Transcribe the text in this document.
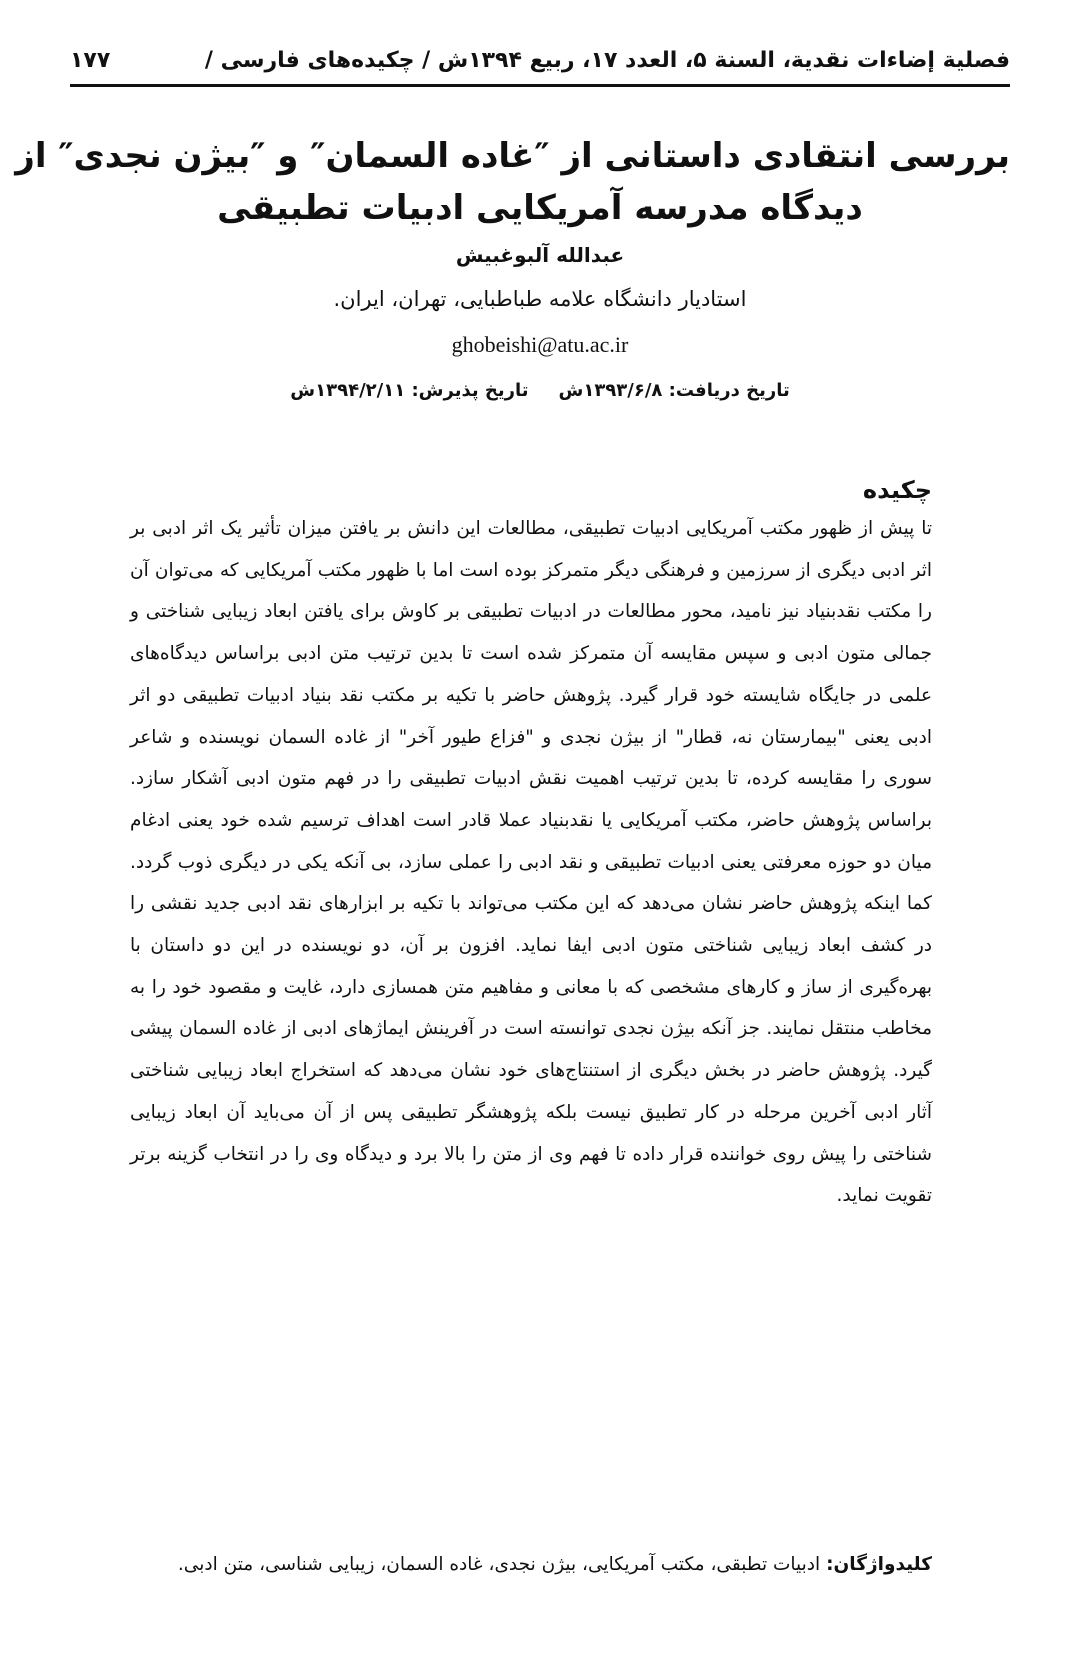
فصلية إضاءات نقدية، السنة ۵، العدد ۱۷، ربيع ۱۳۹۴ش / چكيده‌های فارسی /
۱۷۷
بررسی انتقادی داستانی از ″غاده السمان″ و ″بیژن نجدی″ از
دیدگاه مدرسه آمریکایی ادبیات تطبیقی
عبدالله آلبوغبیش
استادیار دانشگاه علامه طباطبایی، تهران، ایران.
ghobeishi@atu.ac.ir
تاریخ دریافت: ۱۳۹۳/۶/۸شتاریخ پذیرش: ۱۳۹۴/۲/۱۱ش
چکیده
تا پیش از ظهور مکتب آمریکایی ادبیات تطبیقی، مطالعات این دانش بر یافتن میزان تأثیر یک اثر ادبی بر اثر ادبی دیگری از سرزمین و فرهنگی دیگر متمرکز بوده است اما با ظهور مکتب آمریکایی که می‌توان آن را مکتب نقدبنیاد نیز نامید، محور مطالعات در ادبیات تطبیقی بر کاوش برای یافتن ابعاد زیبایی شناختی و جمالی متون ادبی و سپس مقایسه آن متمرکز شده است تا بدین ترتیب متن ادبی براساس دیدگاه‌های علمی در جایگاه شایسته خود قرار گیرد. پژوهش حاضر با تکیه بر مکتب نقد بنیاد ادبیات تطبیقی دو اثر ادبی یعنی "بیمارستان نه، قطار" از بیژن نجدی و "فزاع طیور آخر" از غاده السمان نویسنده و شاعر سوری را مقایسه کرده، تا بدین ترتیب اهمیت نقش ادبیات تطبیقی را در فهم متون ادبی آشکار سازد. براساس پژوهش حاضر، مکتب آمریکایی یا نقدبنیاد عملا قادر است اهداف ترسیم شده خود یعنی ادغام میان دو حوزه معرفتی یعنی ادبیات تطبیقی و نقد ادبی را عملی سازد، بی آنکه یکی در دیگری ذوب گردد. کما اینکه پژوهش حاضر نشان می‌دهد که این مکتب می‌تواند با تکیه بر ابزارهای نقد ادبی جدید نقشی را در کشف ابعاد زیبایی شناختی متون ادبی ایفا نماید. افزون بر آن، دو نویسنده در این دو داستان با بهره‌گیری از ساز و کارهای مشخصی که با معانی و مفاهیم متن همسازی دارد، غایت و مقصود خود را به مخاطب منتقل نمایند. جز آنکه بیژن نجدی توانسته است در آفرینش ایماژهای ادبی از غاده السمان پیشی گیرد. پژوهش حاضر در بخش دیگری از استنتاج‌های خود نشان می‌دهد که استخراج ابعاد زیبایی شناختی آثار ادبی آخرین مرحله در کار تطبیق نیست بلکه پژوهشگر تطبیقی پس از آن می‌باید آن ابعاد زیبایی شناختی را پیش روی خواننده قرار داده تا فهم وی از متن را بالا برد و دیدگاه وی را در انتخاب گزینه برتر تقویت نماید.
کلیدواژگان: ادبیات تطبقی، مکتب آمریکایی، بیژن نجدی، غاده السمان، زیبایی شناسی، متن ادبی.
